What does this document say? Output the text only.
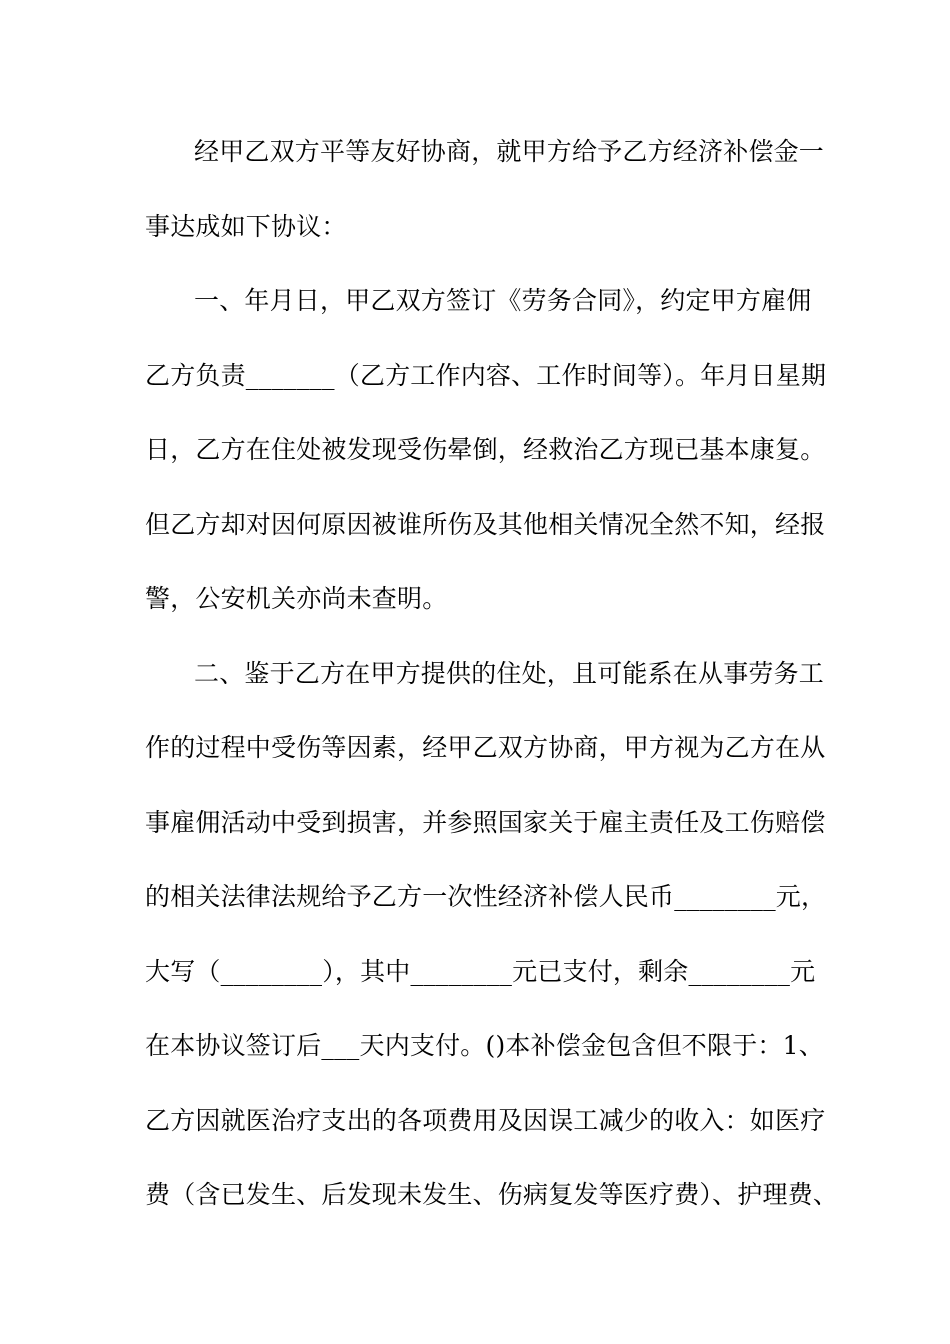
经甲乙双方平等友好协商，就甲方给予乙方经济补偿金一
事达成如下协议：
一、年月日，甲乙双方签订《劳务合同》，约定甲方雇佣
乙方负责_______（乙方工作内容、工作时间等）。年月日星期
日，乙方在住处被发现受伤晕倒，经救治乙方现已基本康复。
但乙方却对因何原因被谁所伤及其他相关情况全然不知，经报
警，公安机关亦尚未查明。
二、鉴于乙方在甲方提供的住处，且可能系在从事劳务工
作的过程中受伤等因素，经甲乙双方协商，甲方视为乙方在从
事雇佣活动中受到损害，并参照国家关于雇主责任及工伤赔偿
的相关法律法规给予乙方一次性经济补偿人民币________元，
大写（________），其中________元已支付，剩余________元
在本协议签订后___天内支付。()本补偿金包含但不限于：1、
乙方因就医治疗支出的各项费用及因误工减少的收入：如医疗
费（含已发生、后发现未发生、伤病复发等医疗费）、护理费、
